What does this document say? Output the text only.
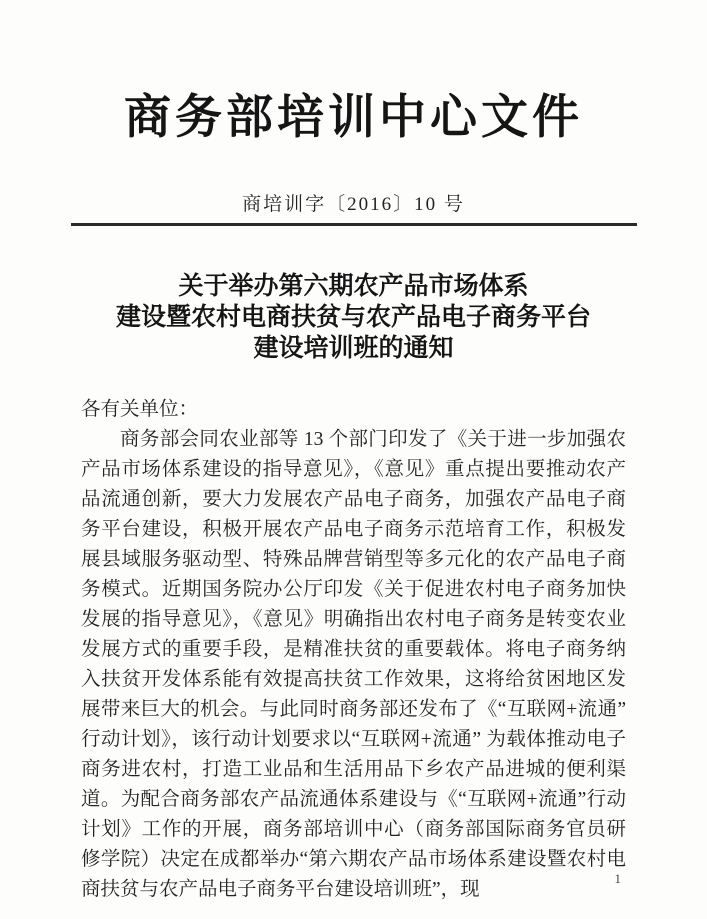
商务部培训中心文件
商培训字〔2016〕10 号
关于举办第六期农产品市场体系
建设暨农村电商扶贫与农产品电子商务平台
建设培训班的通知
各有关单位：
商务部会同农业部等 13 个部门印发了《关于进一步加强农产品市场体系建设的指导意见》，《意见》重点提出要推动农产品流通创新，要大力发展农产品电子商务，加强农产品电子商务平台建设，积极开展农产品电子商务示范培育工作，积极发展县域服务驱动型、特殊品牌营销型等多元化的农产品电子商务模式。近期国务院办公厅印发《关于促进农村电子商务加快发展的指导意见》，《意见》明确指出农村电子商务是转变农业发展方式的重要手段，是精准扶贫的重要载体。将电子商务纳入扶贫开发体系能有效提高扶贫工作效果，这将给贫困地区发展带来巨大的机会。与此同时商务部还发布了《“互联网+流通” 行动计划》，该行动计划要求以“互联网+流通” 为载体推动电子商务进农村，打造工业品和生活用品下乡农产品进城的便利渠道。为配合商务部农产品流通体系建设与《“互联网+流通”行动计划》工作的开展，商务部培训中心（商务部国际商务官员研修学院）决定在成都举办“第六期农产品市场体系建设暨农村电商扶贫与农产品电子商务平台建设培训班”，现
1
